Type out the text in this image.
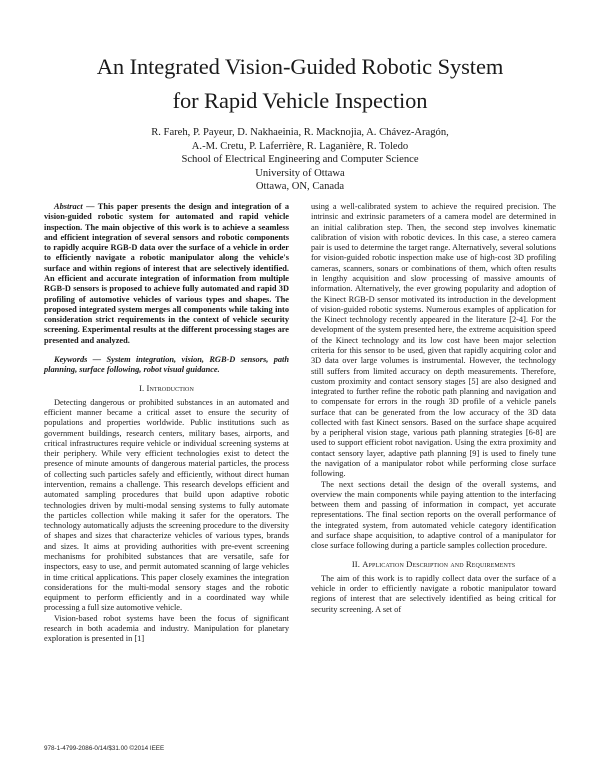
An Integrated Vision-Guided Robotic System
for Rapid Vehicle Inspection
R. Fareh, P. Payeur, D. Nakhaeinia, R. Macknojia, A. Chávez-Aragón,
A.-M. Cretu, P. Laferrière, R. Laganière, R. Toledo
School of Electrical Engineering and Computer Science
University of Ottawa
Ottawa, ON, Canada

Abstract — This paper presents the design and integration of a vision-guided robotic system for automated and rapid vehicle inspection. The main objective of this work is to achieve a seamless and efficient integration of several sensors and robotic components to rapidly acquire RGB-D data over the surface of a vehicle in order to efficiently navigate a robotic manipulator along the vehicle's surface and within regions of interest that are selectively identified. An efficient and accurate integration of information from multiple RGB-D sensors is proposed to achieve fully automated and rapid 3D profiling of automotive vehicles of various types and shapes. The proposed integrated system merges all components while taking into consideration strict requirements in the context of vehicle security screening. Experimental results at the different processing stages are presented and analyzed.

Keywords — System integration, vision, RGB-D sensors, path planning, surface following, robot visual guidance.

I. Introduction

Detecting dangerous or prohibited substances in an automated and efficient manner became a critical asset to ensure the security of populations and properties worldwide. Public institutions such as government buildings, research centers, military bases, airports, and critical infrastructures require vehicle or individual screening systems at their periphery. While very efficient technologies exist to detect the presence of minute amounts of dangerous material particles, the process of collecting such particles safely and efficiently, without direct human intervention, remains a challenge. This research develops efficient and automated sampling procedures that build upon adaptive robotic technologies driven by multi-modal sensing systems to fully automate the particles collection while making it safer for the operators. The technology automatically adjusts the screening procedure to the diversity of shapes and sizes that characterize vehicles of various types, brands and sizes. It aims at providing authorities with pre-event screening mechanisms for prohibited substances that are versatile, safe for inspectors, easy to use, and permit automated scanning of large vehicles in time critical applications. This paper closely examines the integration considerations for the multi-modal sensory stages and the robotic equipment to perform efficiently and in a coordinated way while processing a full size automotive vehicle.

Vision-based robot systems have been the focus of significant research in both academia and industry. Manipulation for planetary exploration is presented in [1]

using a well-calibrated system to achieve the required precision. The intrinsic and extrinsic parameters of a camera model are determined in an initial calibration step. Then, the second step involves kinematic calibration of vision with robotic devices. In this case, a stereo camera pair is used to determine the target range. Alternatively, several solutions for vision-guided robotic inspection make use of high-cost 3D profiling cameras, scanners, sonars or combinations of them, which often results in lengthy acquisition and slow processing of massive amounts of information. Alternatively, the ever growing popularity and adoption of the Kinect RGB-D sensor motivated its introduction in the development of vision-guided robotic systems. Numerous examples of application for the Kinect technology recently appeared in the literature [2-4]. For the development of the system presented here, the extreme acquisition speed of the Kinect technology and its low cost have been major selection criteria for this sensor to be used, given that rapidly acquiring color and 3D data over large volumes is instrumental. However, the technology still suffers from limited accuracy on depth measurements. Therefore, custom proximity and contact sensory stages [5] are also designed and integrated to further refine the robotic path planning and navigation and to compensate for errors in the rough 3D profile of a vehicle panels surface that can be generated from the low accuracy of the 3D data collected with fast Kinect sensors. Based on the surface shape acquired by a peripheral vision stage, various path planning strategies [6-8] are used to support efficient robot navigation. Using the extra proximity and contact sensory layer, adaptive path planning [9] is used to finely tune the navigation of a manipulator robot while performing close surface following.

The next sections detail the design of the overall systems, and overview the main components while paying attention to the interfacing between them and passing of information in compact, yet accurate representations. The final section reports on the overall performance of the integrated system, from automated vehicle category identification and surface shape acquisition, to adaptive control of a manipulator for close surface following during a particle samples collection procedure.

II. Application Description and Requirements

The aim of this work is to rapidly collect data over the surface of a vehicle in order to efficiently navigate a robotic manipulator toward regions of interest that are selectively identified as being critical for security screening. A set of

978-1-4799-2086-0/14/$31.00 ©2014 IEEE
